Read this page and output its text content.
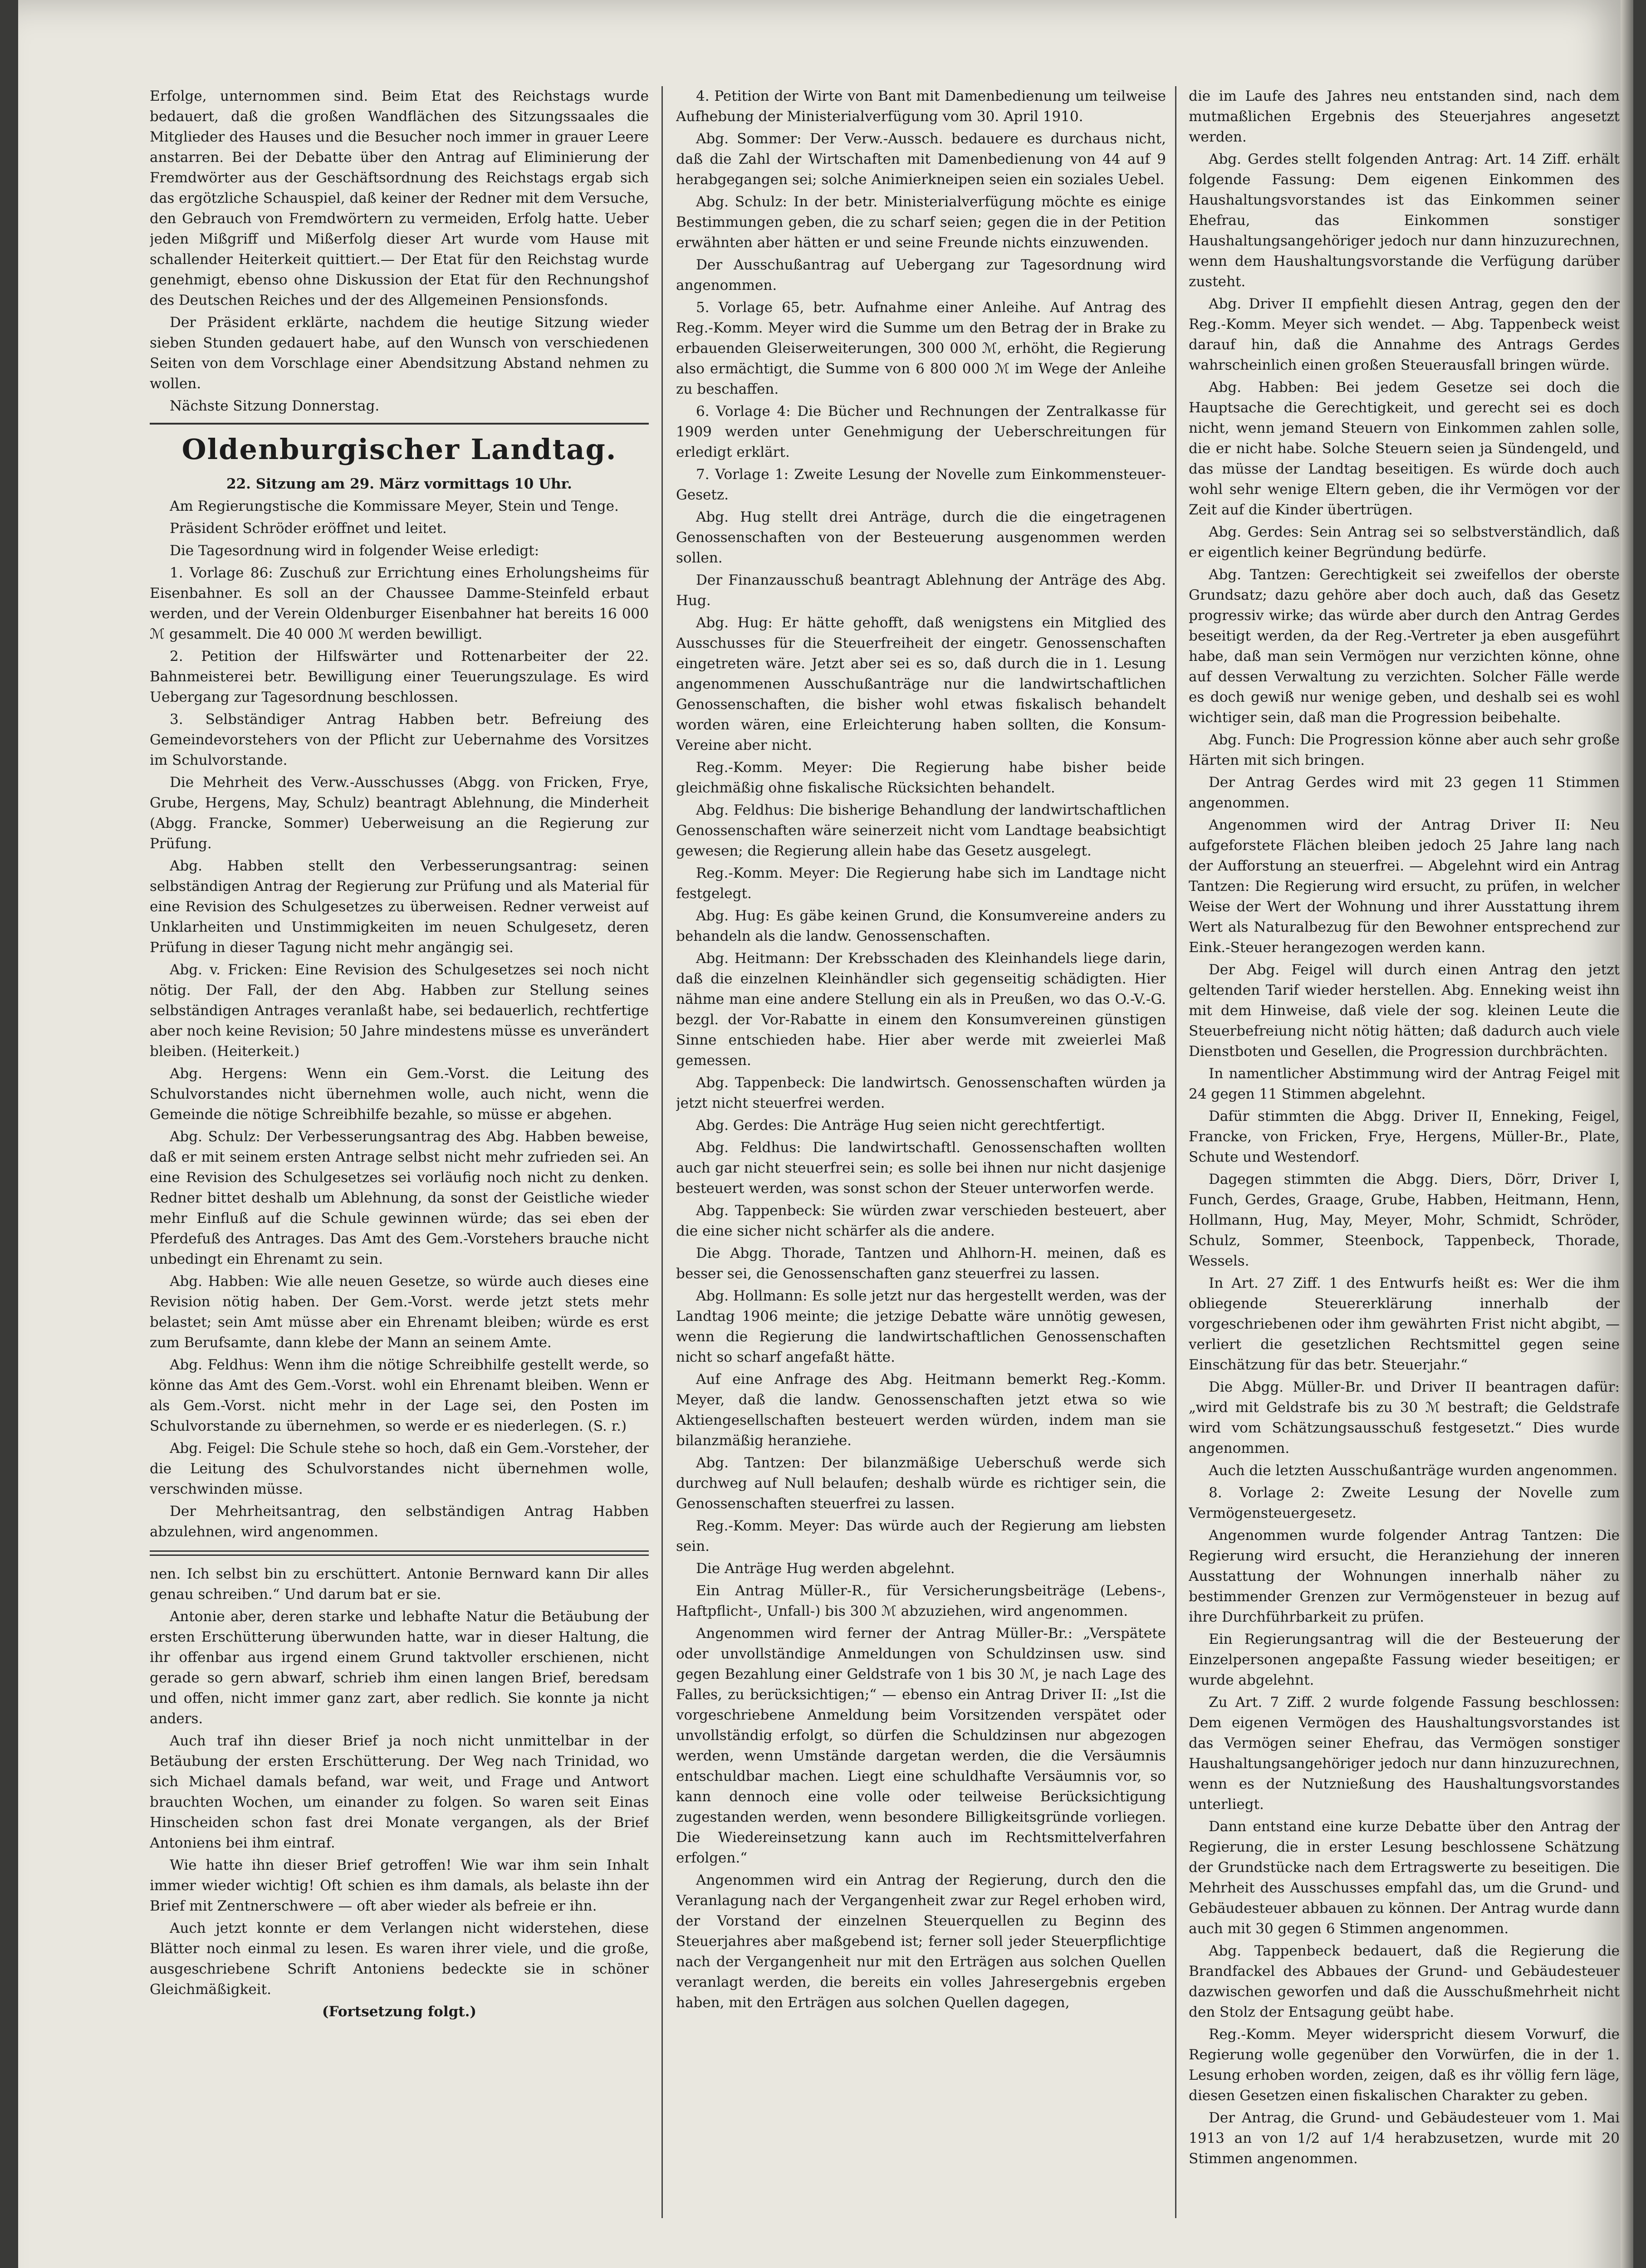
Erfolge, unternommen sind. Beim Etat des Reichstags wurde bedauert, daß die großen Wandflächen des Sitzungssaales die Mitglieder des Hauses und die Besucher noch immer in grauer Leere anstarren. Bei der Debatte über den Antrag auf Eliminierung der Fremdwörter aus der Geschäftsordnung des Reichstags ergab sich das ergötzliche Schauspiel, daß keiner der Redner mit dem Versuche, den Gebrauch von Fremdwörtern zu vermeiden, Erfolg hatte. Ueber jeden Mißgriff und Mißerfolg dieser Art wurde vom Hause mit schallender Heiterkeit quittiert.— Der Etat für den Reichstag wurde genehmigt, ebenso ohne Diskussion der Etat für den Rechnungshof des Deutschen Reiches und der des Allgemeinen Pensionsfonds.

Der Präsident erklärte, nachdem die heutige Sitzung wieder sieben Stunden gedauert habe, auf den Wunsch von verschiedenen Seiten von dem Vorschlage einer Abendsitzung Abstand nehmen zu wollen.

Nächste Sitzung Donnerstag.

Oldenburgischer Landtag.

22. Sitzung am 29. März vormittags 10 Uhr.

Am Regierungstische die Kommissare Meyer, Stein und Tenge.

Präsident Schröder eröffnet und leitet.

Die Tagesordnung wird in folgender Weise erledigt:

1. Vorlage 86: Zuschuß zur Errichtung eines Erholungsheims für Eisenbahner. Es soll an der Chaussee Damme-Steinfeld erbaut werden, und der Verein Oldenburger Eisenbahner hat bereits 16 000 ℳ gesammelt. Die 40 000 ℳ werden bewilligt.

2. Petition der Hilfswärter und Rottenarbeiter der 22. Bahnmeisterei betr. Bewilligung einer Teuerungszulage. Es wird Uebergang zur Tagesordnung beschlossen.

3. Selbständiger Antrag Habben betr. Befreiung des Gemeindevorstehers von der Pflicht zur Uebernahme des Vorsitzes im Schulvorstande.

Die Mehrheit des Verw.-Ausschusses (Abgg. von Fricken, Frye, Grube, Hergens, May, Schulz) beantragt Ablehnung, die Minderheit (Abgg. Francke, Sommer) Ueberweisung an die Regierung zur Prüfung.

Abg. Habben stellt den Verbesserungsantrag: seinen selbständigen Antrag der Regierung zur Prüfung und als Material für eine Revision des Schulgesetzes zu überweisen. Redner verweist auf Unklarheiten und Unstimmigkeiten im neuen Schulgesetz, deren Prüfung in dieser Tagung nicht mehr angängig sei.

Abg. v. Fricken: Eine Revision des Schulgesetzes sei noch nicht nötig. Der Fall, der den Abg. Habben zur Stellung seines selbständigen Antrages veranlaßt habe, sei bedauerlich, rechtfertige aber noch keine Revision; 50 Jahre mindestens müsse es unverändert bleiben. (Heiterkeit.)

Abg. Hergens: Wenn ein Gem.-Vorst. die Leitung des Schulvorstandes nicht übernehmen wolle, auch nicht, wenn die Gemeinde die nötige Schreibhilfe bezahle, so müsse er abgehen.

Abg. Schulz: Der Verbesserungsantrag des Abg. Habben beweise, daß er mit seinem ersten Antrage selbst nicht mehr zufrieden sei. An eine Revision des Schulgesetzes sei vorläufig noch nicht zu denken. Redner bittet deshalb um Ablehnung, da sonst der Geistliche wieder mehr Einfluß auf die Schule gewinnen würde; das sei eben der Pferdefuß des Antrages. Das Amt des Gem.-Vorstehers brauche nicht unbedingt ein Ehrenamt zu sein.

Abg. Habben: Wie alle neuen Gesetze, so würde auch dieses eine Revision nötig haben. Der Gem.-Vorst. werde jetzt stets mehr belastet; sein Amt müsse aber ein Ehrenamt bleiben; würde es erst zum Berufsamte, dann klebe der Mann an seinem Amte.

Abg. Feldhus: Wenn ihm die nötige Schreibhilfe gestellt werde, so könne das Amt des Gem.-Vorst. wohl ein Ehrenamt bleiben. Wenn er als Gem.-Vorst. nicht mehr in der Lage sei, den Posten im Schulvorstande zu übernehmen, so werde er es niederlegen. (S. r.)

Abg. Feigel: Die Schule stehe so hoch, daß ein Gem.-Vorsteher, der die Leitung des Schulvorstandes nicht übernehmen wolle, verschwinden müsse.

Der Mehrheitsantrag, den selbständigen Antrag Habben abzulehnen, wird angenommen.

nen. Ich selbst bin zu erschüttert. Antonie Bernward kann Dir alles genau schreiben.“ Und darum bat er sie.

Antonie aber, deren starke und lebhafte Natur die Betäubung der ersten Erschütterung überwunden hatte, war in dieser Haltung, die ihr offenbar aus irgend einem Grund taktvoller erschienen, nicht gerade so gern abwarf, schrieb ihm einen langen Brief, beredsam und offen, nicht immer ganz zart, aber redlich. Sie konnte ja nicht anders.

Auch traf ihn dieser Brief ja noch nicht unmittelbar in der Betäubung der ersten Erschütterung. Der Weg nach Trinidad, wo sich Michael damals befand, war weit, und Frage und Antwort brauchten Wochen, um einander zu folgen. So waren seit Einas Hinscheiden schon fast drei Monate vergangen, als der Brief Antoniens bei ihm eintraf.

Wie hatte ihn dieser Brief getroffen! Wie war ihm sein Inhalt immer wieder wichtig! Oft schien es ihm damals, als belaste ihn der Brief mit Zentnerschwere — oft aber wieder als befreie er ihn.

Auch jetzt konnte er dem Verlangen nicht widerstehen, diese Blätter noch einmal zu lesen. Es waren ihrer viele, und die große, ausgeschriebene Schrift Antoniens bedeckte sie in schöner Gleichmäßigkeit.

(Fortsetzung folgt.)

4. Petition der Wirte von Bant mit Damenbedienung um teilweise Aufhebung der Ministerialverfügung vom 30. April 1910.

Abg. Sommer: Der Verw.-Aussch. bedauere es durchaus nicht, daß die Zahl der Wirtschaften mit Damenbedienung von 44 auf 9 herabgegangen sei; solche Animierkneipen seien ein soziales Uebel.

Abg. Schulz: In der betr. Ministerialverfügung möchte es einige Bestimmungen geben, die zu scharf seien; gegen die in der Petition erwähnten aber hätten er und seine Freunde nichts einzuwenden.

Der Ausschußantrag auf Uebergang zur Tagesordnung wird angenommen.

5. Vorlage 65, betr. Aufnahme einer Anleihe. Auf Antrag des Reg.-Komm. Meyer wird die Summe um den Betrag der in Brake zu erbauenden Gleiserweiterungen, 300 000 ℳ, erhöht, die Regierung also ermächtigt, die Summe von 6 800 000 ℳ im Wege der Anleihe zu beschaffen.

6. Vorlage 4: Die Bücher und Rechnungen der Zentralkasse für 1909 werden unter Genehmigung der Ueberschreitungen für erledigt erklärt.

7. Vorlage 1: Zweite Lesung der Novelle zum Einkommensteuer-Gesetz.

Abg. Hug stellt drei Anträge, durch die die eingetragenen Genossenschaften von der Besteuerung ausgenommen werden sollen.

Der Finanzausschuß beantragt Ablehnung der Anträge des Abg. Hug.

Abg. Hug: Er hätte gehofft, daß wenigstens ein Mitglied des Ausschusses für die Steuerfreiheit der eingetr. Genossenschaften eingetreten wäre. Jetzt aber sei es so, daß durch die in 1. Lesung angenommenen Ausschußanträge nur die landwirtschaftlichen Genossenschaften, die bisher wohl etwas fiskalisch behandelt worden wären, eine Erleichterung haben sollten, die Konsum-Vereine aber nicht.

Reg.-Komm. Meyer: Die Regierung habe bisher beide gleichmäßig ohne fiskalische Rücksichten behandelt.

Abg. Feldhus: Die bisherige Behandlung der landwirtschaftlichen Genossenschaften wäre seinerzeit nicht vom Landtage beabsichtigt gewesen; die Regierung allein habe das Gesetz ausgelegt.

Reg.-Komm. Meyer: Die Regierung habe sich im Landtage nicht festgelegt.

Abg. Hug: Es gäbe keinen Grund, die Konsumvereine anders zu behandeln als die landw. Genossenschaften.

Abg. Heitmann: Der Krebsschaden des Kleinhandels liege darin, daß die einzelnen Kleinhändler sich gegenseitig schädigten. Hier nähme man eine andere Stellung ein als in Preußen, wo das O.-V.-G. bezgl. der Vor-Rabatte in einem den Konsumvereinen günstigen Sinne entschieden habe. Hier aber werde mit zweierlei Maß gemessen.

Abg. Tappenbeck: Die landwirtsch. Genossenschaften würden ja jetzt nicht steuerfrei werden.

Abg. Gerdes: Die Anträge Hug seien nicht gerechtfertigt.

Abg. Feldhus: Die landwirtschaftl. Genossenschaften wollten auch gar nicht steuerfrei sein; es solle bei ihnen nur nicht dasjenige besteuert werden, was sonst schon der Steuer unterworfen werde.

Abg. Tappenbeck: Sie würden zwar verschieden besteuert, aber die eine sicher nicht schärfer als die andere.

Die Abgg. Thorade, Tantzen und Ahlhorn-H. meinen, daß es besser sei, die Genossenschaften ganz steuerfrei zu lassen.

Abg. Hollmann: Es solle jetzt nur das hergestellt werden, was der Landtag 1906 meinte; die jetzige Debatte wäre unnötig gewesen, wenn die Regierung die landwirtschaftlichen Genossenschaften nicht so scharf angefaßt hätte.

Auf eine Anfrage des Abg. Heitmann bemerkt Reg.-Komm. Meyer, daß die landw. Genossenschaften jetzt etwa so wie Aktiengesellschaften besteuert werden würden, indem man sie bilanzmäßig heranziehe.

Abg. Tantzen: Der bilanzmäßige Ueberschuß werde sich durchweg auf Null belaufen; deshalb würde es richtiger sein, die Genossenschaften steuerfrei zu lassen.

Reg.-Komm. Meyer: Das würde auch der Regierung am liebsten sein.

Die Anträge Hug werden abgelehnt.

Ein Antrag Müller-R., für Versicherungsbeiträge (Lebens-, Haftpflicht-, Unfall-) bis 300 ℳ abzuziehen, wird angenommen.

Angenommen wird ferner der Antrag Müller-Br.: „Verspätete oder unvollständige Anmeldungen von Schuldzinsen usw. sind gegen Bezahlung einer Geldstrafe von 1 bis 30 ℳ, je nach Lage des Falles, zu berücksichtigen;“ — ebenso ein Antrag Driver II: „Ist die vorgeschriebene Anmeldung beim Vorsitzenden verspätet oder unvollständig erfolgt, so dürfen die Schuldzinsen nur abgezogen werden, wenn Umstände dargetan werden, die die Versäumnis entschuldbar machen. Liegt eine schuldhafte Versäumnis vor, so kann dennoch eine volle oder teilweise Berücksichtigung zugestanden werden, wenn besondere Billigkeitsgründe vorliegen. Die Wiedereinsetzung kann auch im Rechtsmittelverfahren erfolgen.“

Angenommen wird ein Antrag der Regierung, durch den die Veranlagung nach der Vergangenheit zwar zur Regel erhoben wird, der Vorstand der einzelnen Steuerquellen zu Beginn des Steuerjahres aber maßgebend ist; ferner soll jeder Steuerpflichtige nach der Vergangenheit nur mit den Erträgen aus solchen Quellen veranlagt werden, die bereits ein volles Jahresergebnis ergeben haben, mit den Erträgen aus solchen Quellen dagegen,

die im Laufe des Jahres neu entstanden sind, nach dem mutmaßlichen Ergebnis des Steuerjahres angesetzt werden.

Abg. Gerdes stellt folgenden Antrag: Art. 14 Ziff. erhält folgende Fassung: Dem eigenen Einkommen des Haushaltungsvorstandes ist das Einkommen seiner Ehefrau, das Einkommen sonstiger Haushaltungsangehöriger jedoch nur dann hinzuzurechnen, wenn dem Haushaltungsvorstande die Verfügung darüber zusteht.

Abg. Driver II empfiehlt diesen Antrag, gegen den der Reg.-Komm. Meyer sich wendet. — Abg. Tappenbeck weist darauf hin, daß die Annahme des Antrags Gerdes wahrscheinlich einen großen Steuerausfall bringen würde.

Abg. Habben: Bei jedem Gesetze sei doch die Hauptsache die Gerechtigkeit, und gerecht sei es doch nicht, wenn jemand Steuern von Einkommen zahlen solle, die er nicht habe. Solche Steuern seien ja Sündengeld, und das müsse der Landtag beseitigen. Es würde doch auch wohl sehr wenige Eltern geben, die ihr Vermögen vor der Zeit auf die Kinder übertrügen.

Abg. Gerdes: Sein Antrag sei so selbstverständlich, daß er eigentlich keiner Begründung bedürfe.

Abg. Tantzen: Gerechtigkeit sei zweifellos der oberste Grundsatz; dazu gehöre aber doch auch, daß das Gesetz progressiv wirke; das würde aber durch den Antrag Gerdes beseitigt werden, da der Reg.-Vertreter ja eben ausgeführt habe, daß man sein Vermögen nur verzichten könne, ohne auf dessen Verwaltung zu verzichten. Solcher Fälle werde es doch gewiß nur wenige geben, und deshalb sei es wohl wichtiger sein, daß man die Progression beibehalte.

Abg. Funch: Die Progression könne aber auch sehr große Härten mit sich bringen.

Der Antrag Gerdes wird mit 23 gegen 11 Stimmen angenommen.

Angenommen wird der Antrag Driver II: Neu aufgeforstete Flächen bleiben jedoch 25 Jahre lang nach der Aufforstung an steuerfrei. — Abgelehnt wird ein Antrag Tantzen: Die Regierung wird ersucht, zu prüfen, in welcher Weise der Wert der Wohnung und ihrer Ausstattung ihrem Wert als Naturalbezug für den Bewohner entsprechend zur Eink.-Steuer herangezogen werden kann.

Der Abg. Feigel will durch einen Antrag den jetzt geltenden Tarif wieder herstellen. Abg. Enneking weist ihn mit dem Hinweise, daß viele der sog. kleinen Leute die Steuerbefreiung nicht nötig hätten; daß dadurch auch viele Dienstboten und Gesellen, die Progression durchbrächten.

In namentlicher Abstimmung wird der Antrag Feigel mit 24 gegen 11 Stimmen abgelehnt.

Dafür stimmten die Abgg. Driver II, Enneking, Feigel, Francke, von Fricken, Frye, Hergens, Müller-Br., Plate, Schute und Westendorf.

Dagegen stimmten die Abgg. Diers, Dörr, Driver I, Funch, Gerdes, Graage, Grube, Habben, Heitmann, Henn, Hollmann, Hug, May, Meyer, Mohr, Schmidt, Schröder, Schulz, Sommer, Steenbock, Tappenbeck, Thorade, Wessels.

In Art. 27 Ziff. 1 des Entwurfs heißt es: Wer die ihm obliegende Steuererklärung innerhalb der vorgeschriebenen oder ihm gewährten Frist nicht abgibt, — verliert die gesetzlichen Rechtsmittel gegen seine Einschätzung für das betr. Steuerjahr.“

Die Abgg. Müller-Br. und Driver II beantragen dafür: „wird mit Geldstrafe bis zu 30 ℳ bestraft; die Geldstrafe wird vom Schätzungsausschuß festgesetzt.“ Dies wurde angenommen.

Auch die letzten Ausschußanträge wurden angenommen.

8. Vorlage 2: Zweite Lesung der Novelle zum Vermögensteuergesetz.

Angenommen wurde folgender Antrag Tantzen: Die Regierung wird ersucht, die Heranziehung der inneren Ausstattung der Wohnungen innerhalb näher zu bestimmender Grenzen zur Vermögensteuer in bezug auf ihre Durchführbarkeit zu prüfen.

Ein Regierungsantrag will die der Besteuerung der Einzelpersonen angepaßte Fassung wieder beseitigen; er wurde abgelehnt.

Zu Art. 7 Ziff. 2 wurde folgende Fassung beschlossen: Dem eigenen Vermögen des Haushaltungsvorstandes ist das Vermögen seiner Ehefrau, das Vermögen sonstiger Haushaltungsangehöriger jedoch nur dann hinzuzurechnen, wenn es der Nutznießung des Haushaltungsvorstandes unterliegt.

Dann entstand eine kurze Debatte über den Antrag der Regierung, die in erster Lesung beschlossene Schätzung der Grundstücke nach dem Ertragswerte zu beseitigen. Die Mehrheit des Ausschusses empfahl das, um die Grund- und Gebäudesteuer abbauen zu können. Der Antrag wurde dann auch mit 30 gegen 6 Stimmen angenommen.

Abg. Tappenbeck bedauert, daß die Regierung die Brandfackel des Abbaues der Grund- und Gebäudesteuer dazwischen geworfen und daß die Ausschußmehrheit nicht den Stolz der Entsagung geübt habe.

Reg.-Komm. Meyer widerspricht diesem Vorwurf, die Regierung wolle gegenüber den Vorwürfen, die in der 1. Lesung erhoben worden, zeigen, daß es ihr völlig fern läge, diesen Gesetzen einen fiskalischen Charakter zu geben.

Der Antrag, die Grund- und Gebäudesteuer vom 1. Mai 1913 an von 1/2 auf 1/4 herabzusetzen, wurde mit 20 Stimmen angenommen.
